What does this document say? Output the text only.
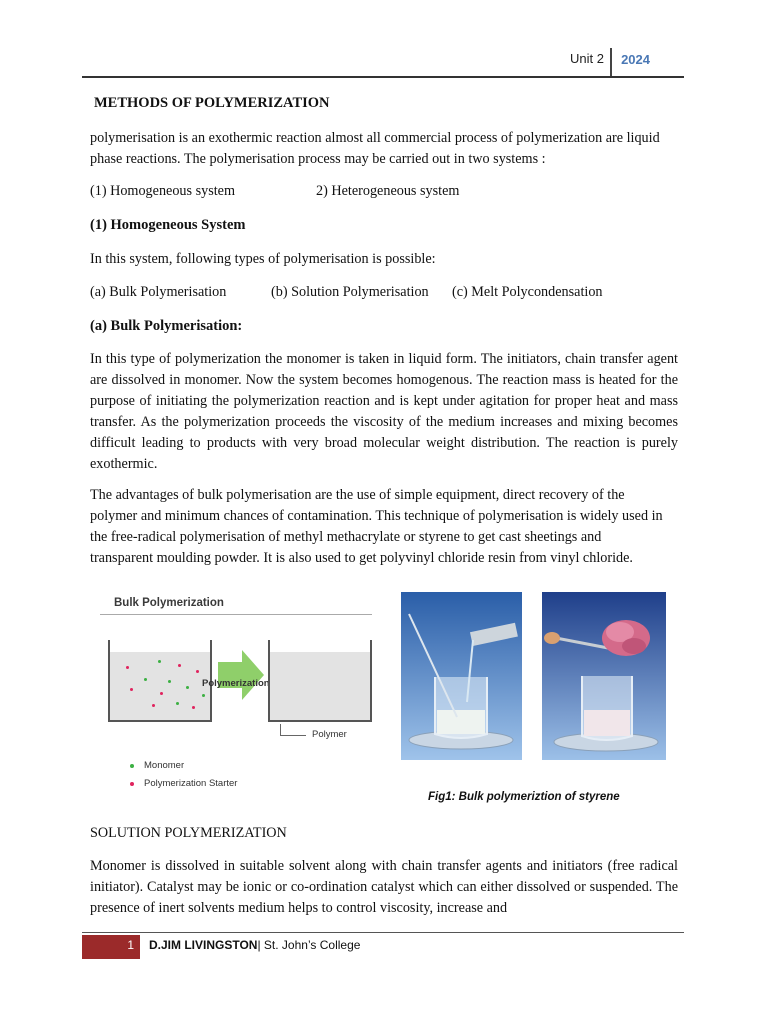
Unit 2 2024
METHODS OF POLYMERIZATION
polymerisation is an exothermic reaction almost all commercial process of polymerization are liquid phase reactions. The polymerisation process may be carried out in two systems :
(1) Homogeneous system	2) Heterogeneous system
(1) Homogeneous System
In this system, following types of polymerisation is possible:
(a) Bulk Polymerisation	(b) Solution Polymerisation (c) Melt Polycondensation
(a) Bulk Polymerisation:
In this type of polymerization the monomer is taken in liquid form. The initiators, chain transfer agent are dissolved in monomer. Now the system becomes homogenous. The reaction mass is heated for the purpose of initiating the polymerization reaction and is kept under agitation for proper heat and mass transfer. As the polymerization proceeds the viscosity of the medium increases and mixing becomes difficult leading to products with very broad molecular weight distribution. The reaction is purely exothermic.
The advantages of bulk polymerisation are the use of simple equipment, direct recovery of the polymer and minimum chances of contamination. This technique of polymerisation is widely used in the free-radical polymerisation of methyl methacrylate or styrene to get cast sheetings and transparent moulding powder. It is also used to get polyvinyl chloride resin from vinyl chloride.
Bulk Polymerization
Polymerization
Polymer
Monomer
Polymerization Starter
Fig1: Bulk polymeriztion of styrene
SOLUTION POLYMERIZATION
Monomer is dissolved in suitable solvent along with chain transfer agents and initiators (free radical initiator). Catalyst may be ionic or co-ordination catalyst which can either dissolved or suspended. The presence of inert solvents medium helps to control viscosity, increase and
1 D.JIM LIVINGSTON| St. John’s College
